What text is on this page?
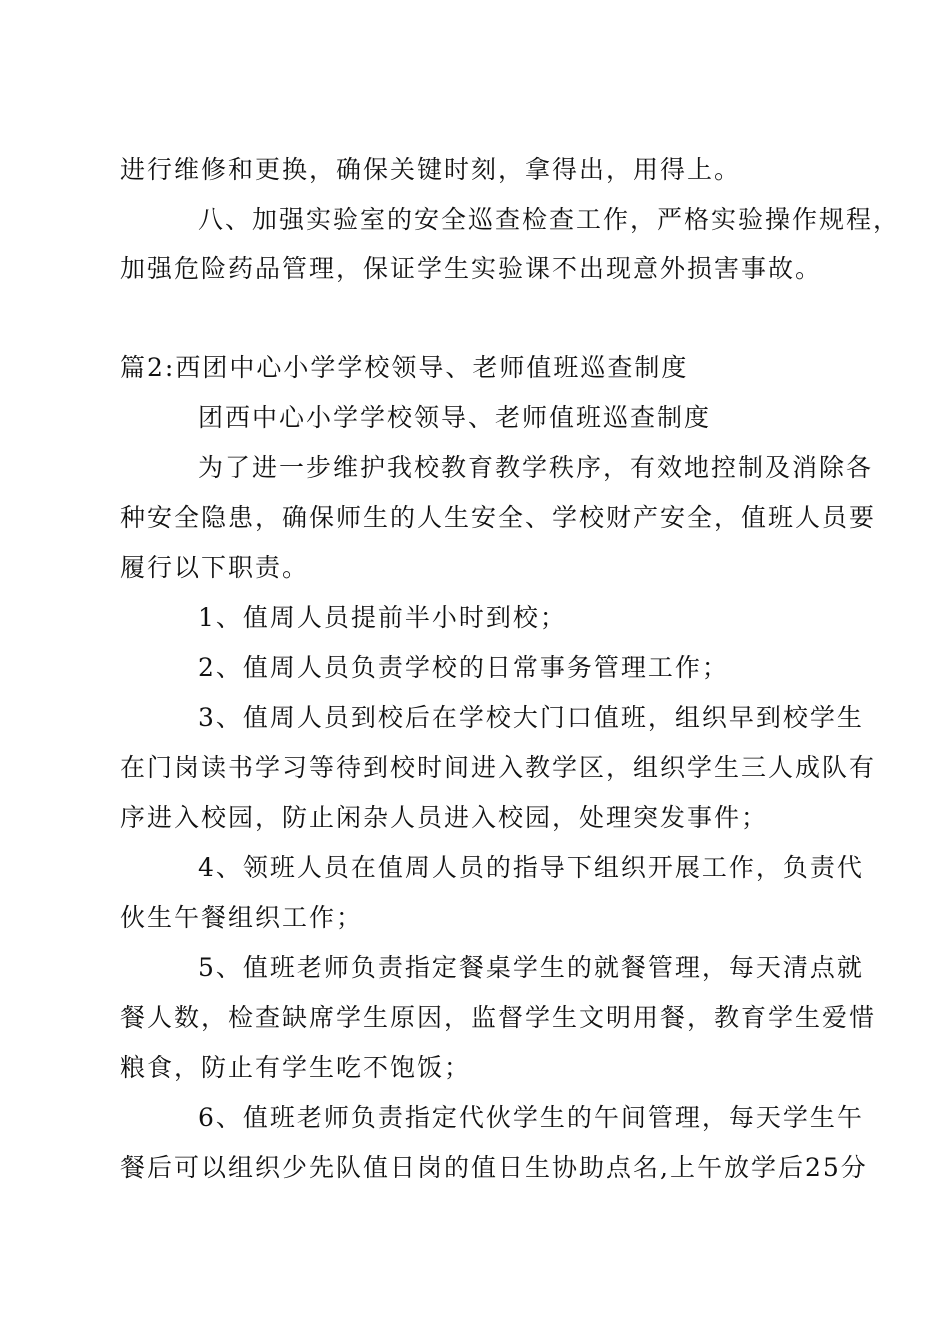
进行维修和更换，确保关键时刻，拿得出，用得上。
八、加强实验室的安全巡查检查工作，严格实验操作规程，
加强危险药品管理，保证学生实验课不出现意外损害事故。
篇2:西团中心小学学校领导、老师值班巡查制度
团西中心小学学校领导、老师值班巡查制度
为了进一步维护我校教育教学秩序，有效地控制及消除各
种安全隐患，确保师生的人生安全、学校财产安全，值班人员要
履行以下职责。
1、值周人员提前半小时到校；
2、值周人员负责学校的日常事务管理工作；
3、值周人员到校后在学校大门口值班，组织早到校学生
在门岗读书学习等待到校时间进入教学区，组织学生三人成队有
序进入校园，防止闲杂人员进入校园，处理突发事件；
4、领班人员在值周人员的指导下组织开展工作，负责代
伙生午餐组织工作；
5、值班老师负责指定餐桌学生的就餐管理，每天清点就
餐人数，检查缺席学生原因，监督学生文明用餐，教育学生爱惜
粮食，防止有学生吃不饱饭；
6、值班老师负责指定代伙学生的午间管理，每天学生午
餐后可以组织少先队值日岗的值日生协助点名,上午放学后25分
